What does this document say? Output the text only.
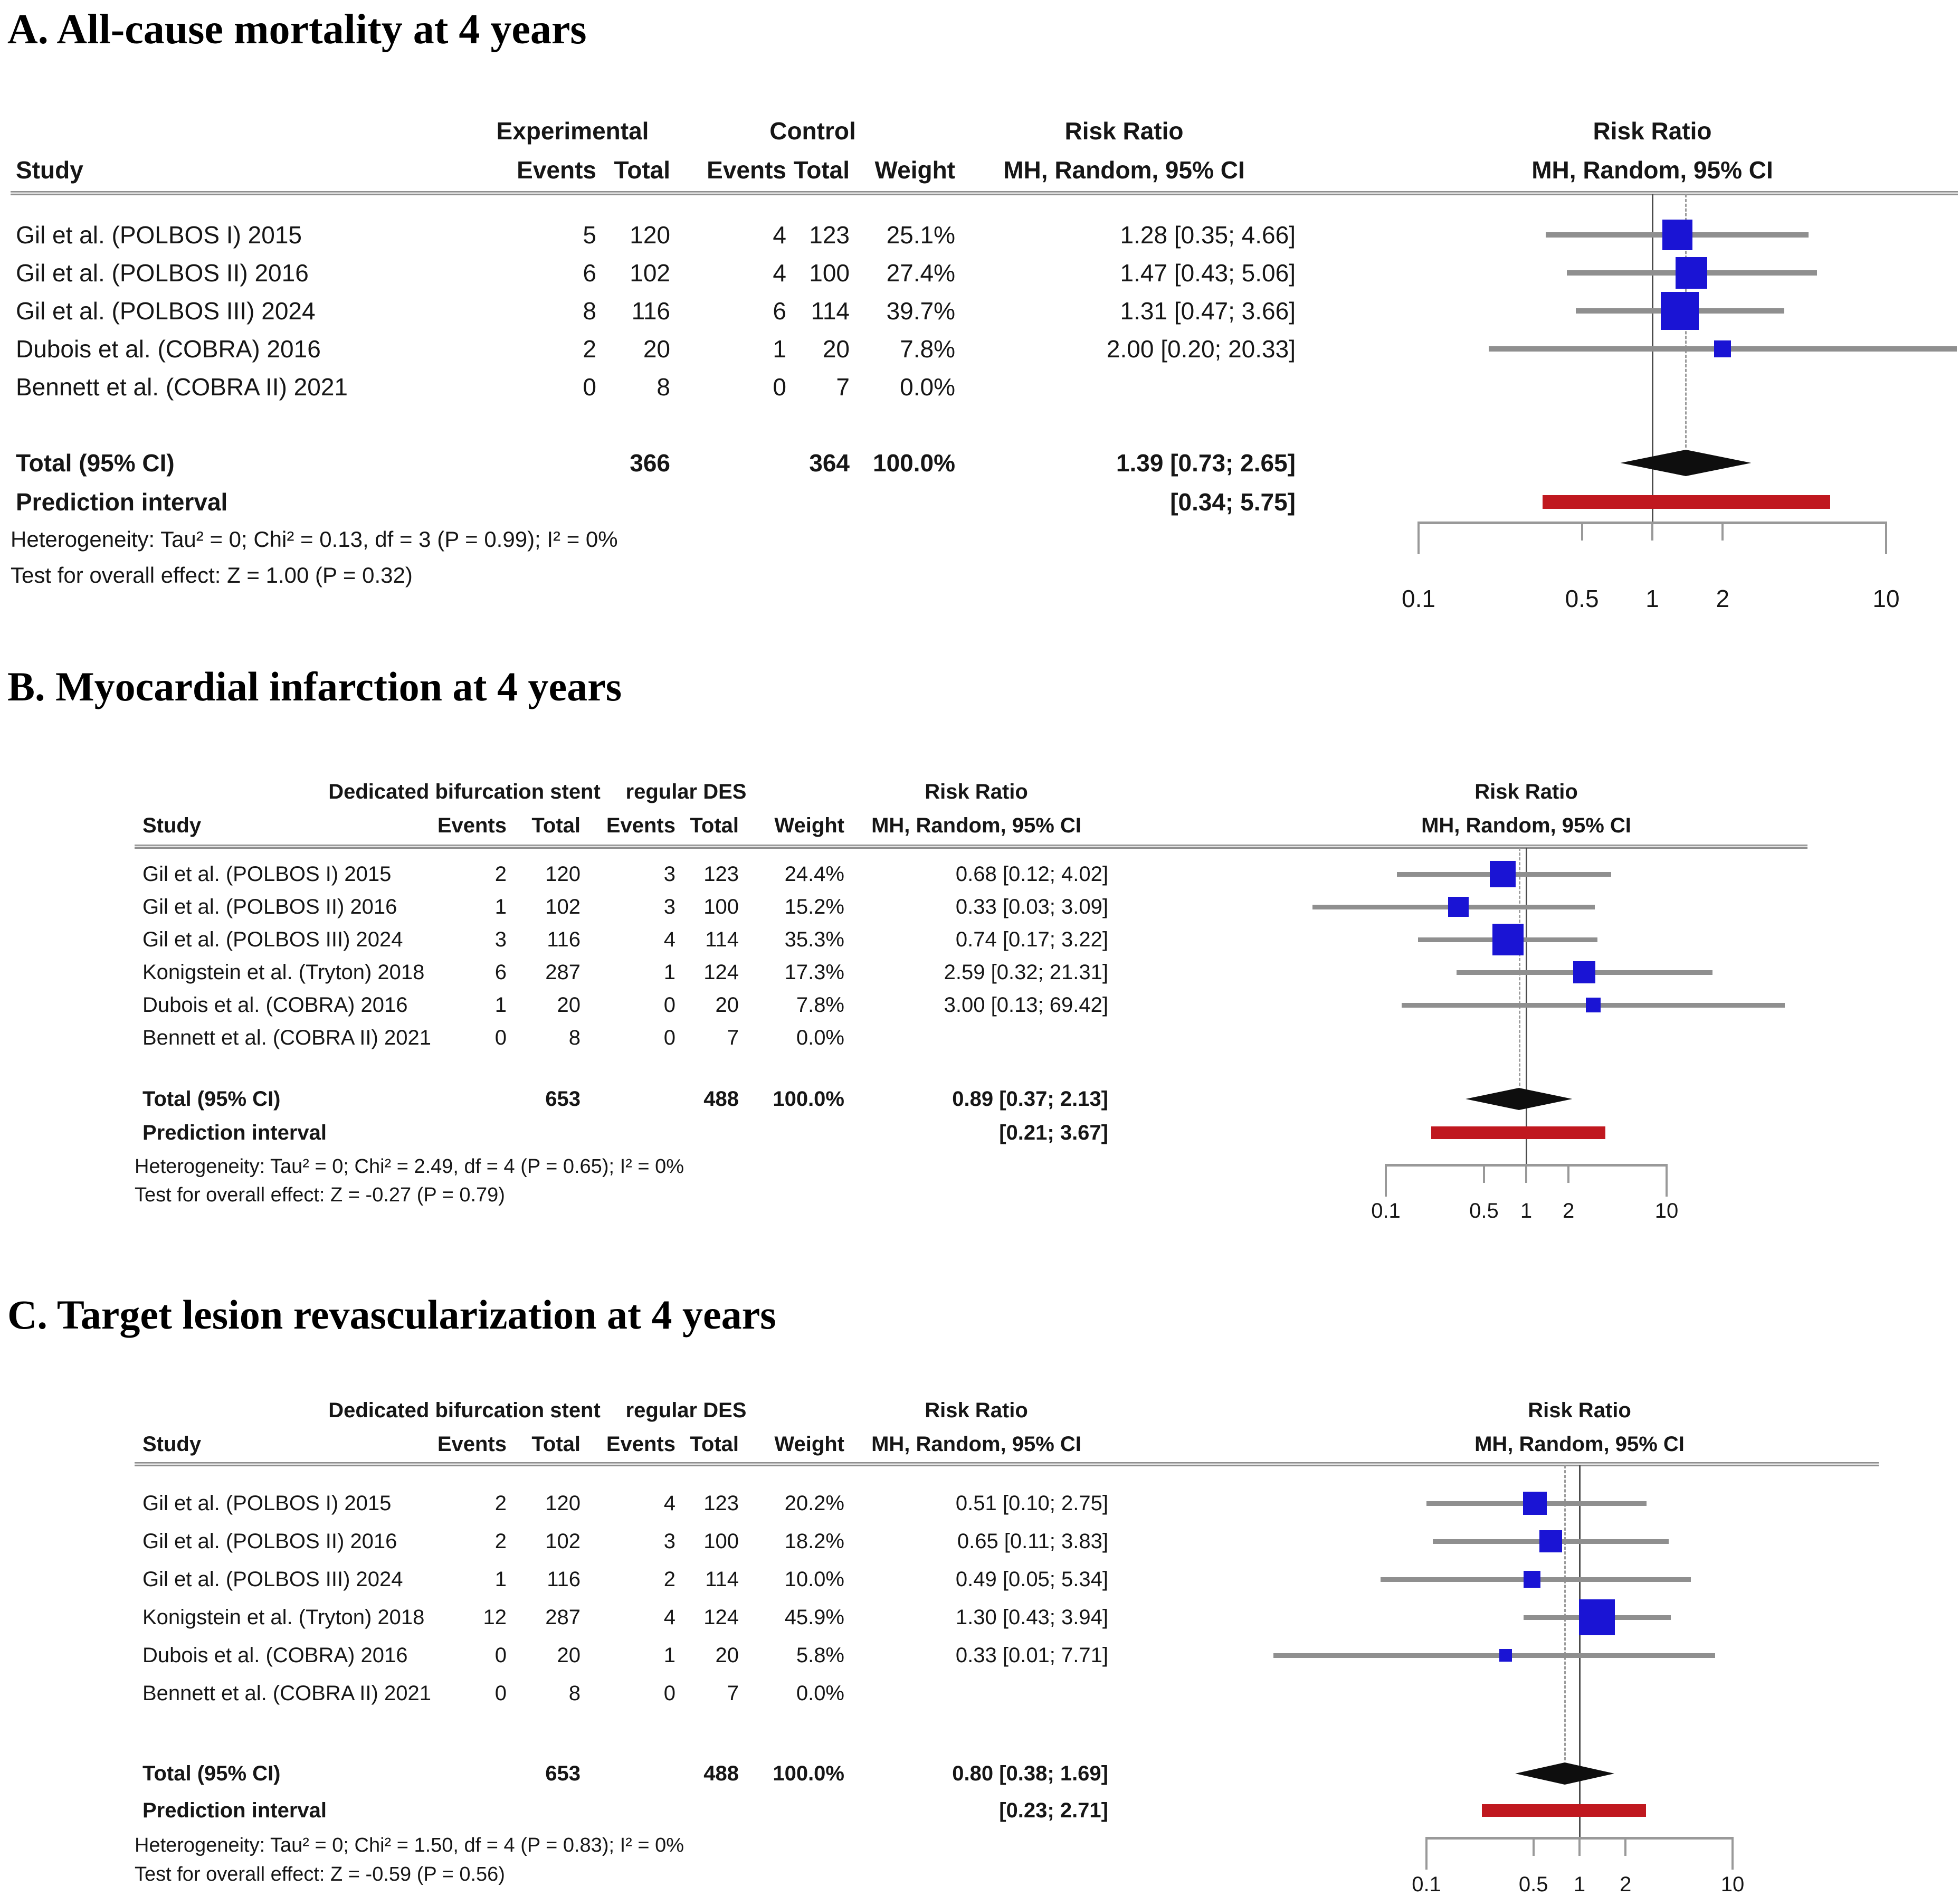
A. All-cause mortality at 4 years
Experimental	Control
Study	Events Total Events Total Weight
Risk Ratio
MH, Random, 95% CI
Risk Ratio
MH, Random, 95% CI
Total (95% CI)	366	364 100.0%	1.39 [0.73; 2.65]
Prediction interval	[0.34; 5.75]
Heterogeneity: Tau² = 0; Chi² = 0.13, df = 3 (P = 0.99); I² = 0%
Test for overall effect: Z = 1.00 (P = 0.32)
Gil et al. (POLBOS I) 2015	5 120	4 123 25.1%	1.28 [0.35; 4.66]
Gil et al. (POLBOS II) 2016	6 102	4 100 27.4%	1.47 [0.43; 5.06]
Gil et al. (POLBOS III) 2024	8 116	6 114 39.7%	1.31 [0.47; 3.66]
Dubois et al. (COBRA) 2016	2 20	1 20 7.8%	2.00 [0.20; 20.33]
Bennett et al. (COBRA II) 2021	0 8	0 7 0.0%
0.1	0.5 1 2	10
B. Myocardial infarction at 4 years
Dedicated bifurcation stent regular DES
Study	Events Total Events Total Weight
Risk Ratio
MH, Random, 95% CI
Risk Ratio
MH, Random, 95% CI
Total (95% CI)	653	488 100.0%	0.89 [0.37; 2.13]
Prediction interval	[0.21; 3.67]
Heterogeneity: Tau² = 0; Chi² = 2.49, df = 4 (P = 0.65); I² = 0%
Test for overall effect: Z = -0.27 (P = 0.79)
Gil et al. (POLBOS I) 2015	2 120	3 123 24.4%	0.68 [0.12; 4.02]
Gil et al. (POLBOS II) 2016	1 102	3 100 15.2%	0.33 [0.03; 3.09]
Gil et al. (POLBOS III) 2024	3 116	4 114 35.3%	0.74 [0.17; 3.22]
Konigstein et al. (Tryton) 2018	6 287	1 124 17.3%	2.59 [0.32; 21.31]
Dubois et al. (COBRA) 2016	1 20	0 20	7.8%	3.00 [0.13; 69.42]
Bennett et al. (COBRA II) 2021	0	8	0 7	0.0%
0.1	0.5 1 2	10
C. Target lesion revascularization at 4 years
Dedicated bifurcation stent regular DES
Study	Events Total Events Total Weight
Risk Ratio
MH, Random, 95% CI
Risk Ratio
MH, Random, 95% CI
Total (95% CI)	653	488 100.0%	0.80 [0.38; 1.69]
Prediction interval	[0.23; 2.71]
Heterogeneity: Tau² = 0; Chi² = 1.50, df = 4 (P = 0.83); I² = 0%
Test for overall effect: Z = -0.59 (P = 0.56)
Gil et al. (POLBOS I) 2015	2 120	4 123 20.2%	0.51 [0.10; 2.75]
Gil et al. (POLBOS II) 2016	2 102	3 100 18.2%	0.65 [0.11; 3.83]
Gil et al. (POLBOS III) 2024	1 116	2 114 10.0%	0.49 [0.05; 5.34]
Konigstein et al. (Tryton) 2018	12 287	4 124 45.9%	1.30 [0.43; 3.94]
Dubois et al. (COBRA) 2016	0 20	1 20	5.8%	0.33 [0.01; 7.71]
Bennett et al. (COBRA II) 2021	0	8	0 7	0.0%
0.1	0.5 1 2	10
